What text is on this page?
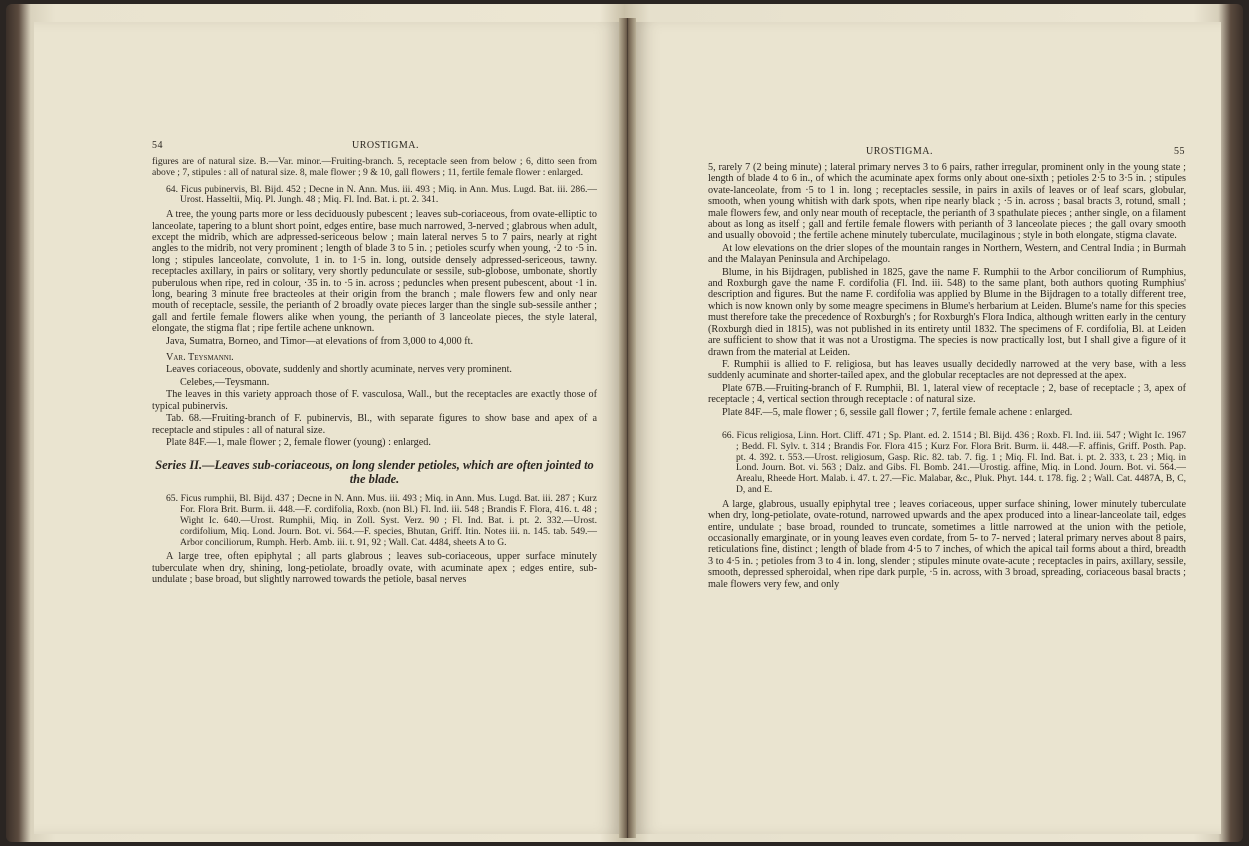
54	UROSTIGMA.

figures are of natural size. B.—Var. minor.—Fruiting-branch. 5, receptacle seen from below ; 6, ditto seen from above ; 7, stipules : all of natural size. 8, male flower ; 9 & 10, gall flowers ; 11, fertile female flower : enlarged.

64. Ficus pubinervis, Bl. Bijd. 452 ; Decne in N. Ann. Mus. iii. 493 ; Miq. in Ann. Mus. Lugd. Bat. iii. 286.—Urost. Hasseltii, Miq. Pl. Jungh. 48 ; Miq. Fl. Ind. Bat. i. pt. 2. 341.

A tree, the young parts more or less deciduously pubescent ; leaves sub-coriaceous, from ovate-elliptic to lanceolate, tapering to a blunt short point, edges entire, base much narrowed, 3-nerved ; glabrous when adult, except the midrib, which are adpressed-sericeous below ; main lateral nerves 5 to 7 pairs, nearly at right angles to the midrib, not very prominent ; length of blade 3 to 5 in. ; petioles scurfy when young, ·2 to ·5 in. long ; stipules lanceolate, convolute, 1 in. to 1·5 in. long, outside densely adpressed-sericeous, tawny. receptacles axillary, in pairs or solitary, very shortly pedunculate or sessile, sub-globose, umbonate, shortly puberulous when ripe, red in colour, ·35 in. to ·5 in. across ; peduncles when present pubescent, about ·1 in. long, bearing 3 minute free bracteoles at their origin from the branch ; male flowers few and only near mouth of receptacle, sessile, the perianth of 2 broadly ovate pieces larger than the single sub-sessile anther ; gall and fertile female flowers alike when young, the perianth of 3 lanceolate pieces, the style lateral, elongate, the stigma flat ; ripe fertile achene unknown.

Java, Sumatra, Borneo, and Timor—at elevations of from 3,000 to 4,000 ft.

Var. Teysmanni.

Leaves coriaceous, obovate, suddenly and shortly acuminate, nerves very prominent.

Celebes,—Teysmann.

The leaves in this variety approach those of F. vasculosa, Wall., but the receptacles are exactly those of typical pubinervis.

Tab. 68.—Fruiting-branch of F. pubinervis, Bl., with separate figures to show base and apex of a receptacle and stipules : all of natural size.

Plate 84F.—1, male flower ; 2, female flower (young) : enlarged.

Series II.—Leaves sub-coriaceous, on long slender petioles, which are often jointed to the blade.

65. Ficus rumphii, Bl. Bijd. 437 ; Decne in N. Ann. Mus. iii. 493 ; Miq. in Ann. Mus. Lugd. Bat. iii. 287 ; Kurz For. Flora Brit. Burm. ii. 448.—F. cordifolia, Roxb. (non Bl.) Fl. Ind. iii. 548 ; Brandis F. Flora, 416. t. 48 ; Wight Ic. 640.—Urost. Rumphii, Miq. in Zoll. Syst. Verz. 90 ; Fl. Ind. Bat. i. pt. 2. 332.—Urost. cordifolium, Miq. Lond. Journ. Bot. vi. 564.—F. species, Bhutan, Griff. Itin. Notes iii. n. 145. tab. 549.—Arbor conciliorum, Rumph. Herb. Amb. iii. t. 91, 92 ; Wall. Cat. 4484, sheets A to G.

A large tree, often epiphytal ; all parts glabrous ; leaves sub-coriaceous, upper surface minutely tuberculate when dry, shining, long-petiolate, broadly ovate, with acuminate apex ; edges entire, sub-undulate ; base broad, but slightly narrowed towards the petiole, basal nerves

UROSTIGMA.	55

5, rarely 7 (2 being minute) ; lateral primary nerves 3 to 6 pairs, rather irregular, prominent only in the young state ; length of blade 4 to 6 in., of which the acuminate apex forms only about one-sixth ; petioles 2·5 to 3·5 in. ; stipules ovate-lanceolate, from ·5 to 1 in. long ; receptacles sessile, in pairs in axils of leaves or of leaf scars, globular, smooth, when young whitish with dark spots, when ripe nearly black ; ·5 in. across ; basal bracts 3, rotund, small ; male flowers few, and only near mouth of receptacle, the perianth of 3 spathulate pieces ; anther single, on a filament about as long as itself ; gall and fertile female flowers with perianth of 3 lanceolate pieces ; the gall ovary smooth and usually obovoid ; the fertile achene minutely tuberculate, mucilaginous ; style in both elongate, stigma clavate.

At low elevations on the drier slopes of the mountain ranges in Northern, Western, and Central India ; in Burmah and the Malayan Peninsula and Archipelago.

Blume, in his Bijdragen, published in 1825, gave the name F. Rumphii to the Arbor conciliorum of Rumphius, and Roxburgh gave the name F. cordifolia (Fl. Ind. iii. 548) to the same plant, both authors quoting Rumphius' description and figures. But the name F. cordifolia was applied by Blume in the Bijdragen to a totally different tree, which is now known only by some meagre specimens in Blume's herbarium at Leiden. Blume's name for this species must therefore take the precedence of Roxburgh's ; for Roxburgh's Flora Indica, although written early in the century (Roxburgh died in 1815), was not published in its entirety until 1832. The specimens of F. cordifolia, Bl. at Leiden are sufficient to show that it was not a Urostigma. The species is now practically lost, but I shall give a figure of it drawn from the material at Leiden.

F. Rumphii is allied to F. religiosa, but has leaves usually decidedly narrowed at the very base, with a less suddenly acuminate and shorter-tailed apex, and the globular receptacles are not depressed at the apex.

Plate 67B.—Fruiting-branch of F. Rumphii, Bl. 1, lateral view of receptacle ; 2, base of receptacle ; 3, apex of receptacle ; 4, vertical section through receptacle : of natural size.

Plate 84F.—5, male flower ; 6, sessile gall flower ; 7, fertile female achene : enlarged.

66. Ficus religiosa, Linn. Hort. Cliff. 471 ; Sp. Plant. ed. 2. 1514 ; Bl. Bijd. 436 ; Roxb. Fl. Ind. iii. 547 ; Wight Ic. 1967 ; Bedd. Fl. Sylv. t. 314 ; Brandis For. Flora 415 ; Kurz For. Flora Brit. Burm. ii. 448.—F. affinis, Griff. Posth. Pap. pt. 4. 392. t. 553.—Urost. religiosum, Gasp. Ric. 82. tab. 7. fig. 1 ; Miq. Fl. Ind. Bat. i. pt. 2. 333, t. 23 ; Miq. in Lond. Journ. Bot. vi. 563 ; Dalz. and Gibs. Fl. Bomb. 241.—Urostig. affine, Miq. in Lond. Journ. Bot. vi. 564.—Arealu, Rheede Hort. Malab. i. 47. t. 27.—Fic. Malabar, &c., Pluk. Phyt. 144. t. 178. fig. 2 ; Wall. Cat. 4487A, B, C, D, and E.

A large, glabrous, usually epiphytal tree ; leaves coriaceous, upper surface shining, lower minutely tuberculate when dry, long-petiolate, ovate-rotund, narrowed upwards and the apex produced into a linear-lanceolate tail, edges entire, undulate ; base broad, rounded to truncate, sometimes a little narrowed at the union with the petiole, occasionally emarginate, or in young leaves even cordate, from 5- to 7- nerved ; lateral primary nerves about 8 pairs, reticulations fine, distinct ; length of blade from 4·5 to 7 inches, of which the apical tail forms about a third, breadth 3 to 4·5 in. ; petioles from 3 to 4 in. long, slender ; stipules minute ovate-acute ; receptacles in pairs, axillary, sessile, smooth, depressed spheroidal, when ripe dark purple, ·5 in. across, with 3 broad, spreading, coriaceous basal bracts ; male flowers very few, and only
